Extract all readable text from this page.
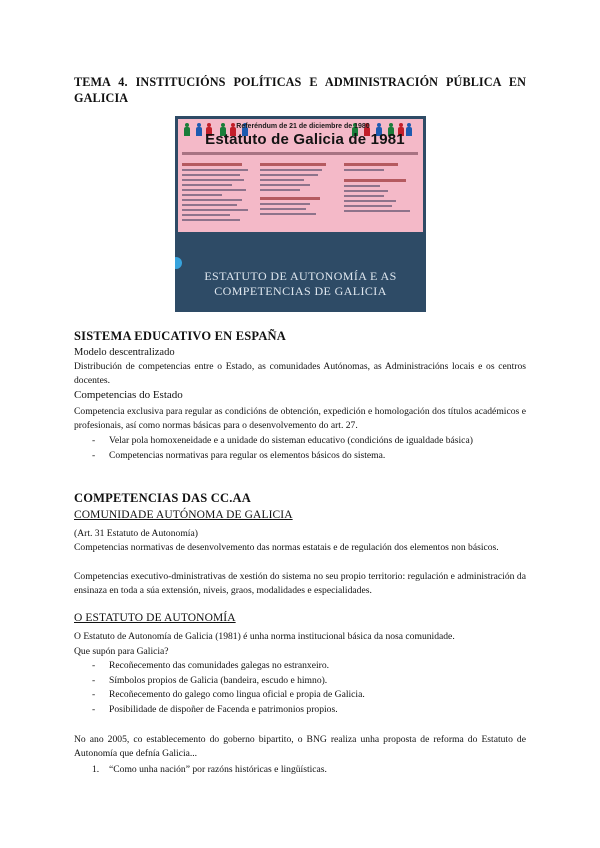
TEMA 4. INSTITUCIÓNS POLÍTICAS E ADMINISTRACIÓN PÚBLICA EN GALICIA
Referéndum de 21 de diciembre de 1980
Estatuto de Galicia de 1981
ESTATUTO DE AUTONOMÍA E AS
COMPETENCIAS DE GALICIA
SISTEMA EDUCATIVO EN ESPAÑA
Modelo descentralizado
Distribución de competencias entre o Estado, as comunidades Autónomas, as Administracións locais e os centros docentes.
Competencias do Estado
Competencia exclusiva para regular as condicións de obtención, expedición e homologación dos títulos académicos e profesionais, así como normas básicas para o desenvolvemento do art. 27.
- Velar pola homoxeneidade e a unidade do sisteman educativo (condicións de igualdade básica)
- Competencias normativas para regular os elementos básicos do sistema.
COMPETENCIAS DAS CC.AA
COMUNIDADE AUTÓNOMA DE GALICIA
(Art. 31 Estatuto de Autonomía)
Competencias normativas de desenvolvemento das normas estatais e de regulación dos elementos non básicos.
Competencias executivo-dministrativas de xestión do sistema no seu propio territorio: regulación e administración da ensinaza en toda a súa extensión, niveis, graos, modalidades e especialidades.
O ESTATUTO DE AUTONOMÍA
O Estatuto de Autonomía de Galicia (1981) é unha norma institucional básica da nosa comunidade.
Que supón para Galicia?
- Recoñecemento das comunidades galegas no estranxeiro.
- Símbolos propios de Galicia (bandeira, escudo e himno).
- Recoñecemento do galego como lingua oficial e propia de Galicia.
- Posibilidade de dispoñer de Facenda e patrimonios propios.
No ano 2005, co establecemento do goberno bipartito, o BNG realiza unha proposta de reforma do Estatuto de Autonomía que defnía Galicia...
1. “Como unha nación” por razóns históricas e lingüísticas.
